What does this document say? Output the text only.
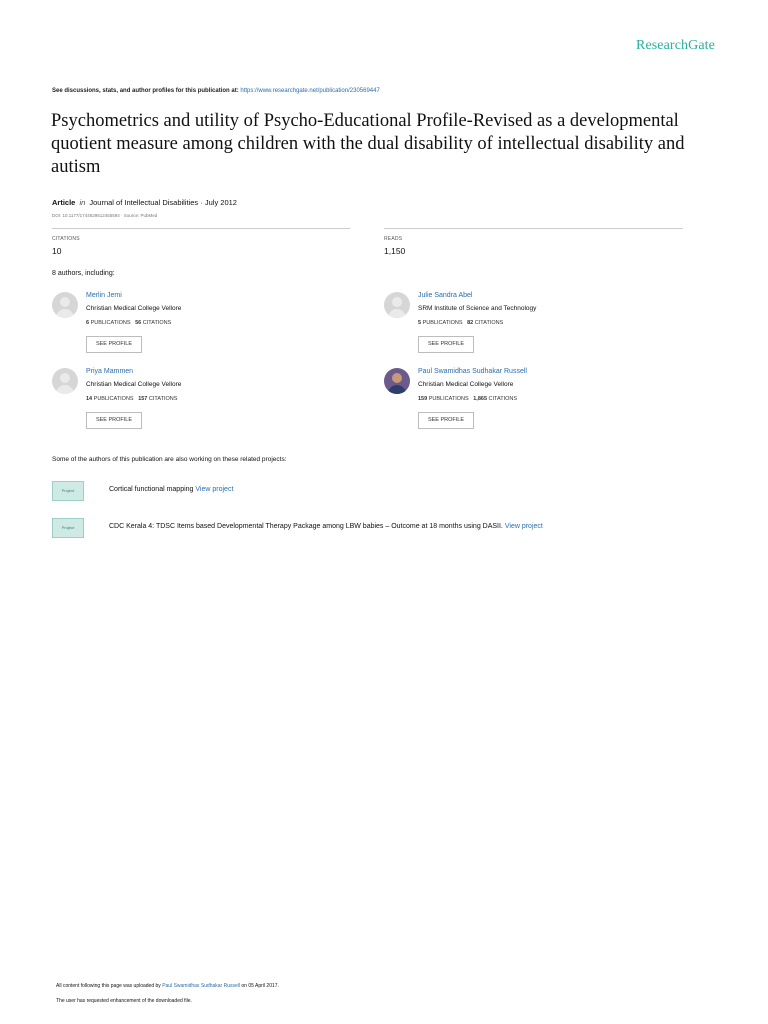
ResearchGate
See discussions, stats, and author profiles for this publication at: https://www.researchgate.net/publication/230569447
Psychometrics and utility of Psycho-Educational Profile-Revised as a developmental quotient measure among children with the dual disability of intellectual disability and autism
Article in Journal of Intellectual Disabilities · July 2012
DOI: 10.1177/1744629512455594 · Source: PubMed
CITATIONS
10
READS
1,150
8 authors, including:
Merlin Jemi
Christian Medical College Vellore
6 PUBLICATIONS 56 CITATIONS
SEE PROFILE
Julie Sandra Abel
SRM Institute of Science and Technology
5 PUBLICATIONS 82 CITATIONS
SEE PROFILE
Priya Mammen
Christian Medical College Vellore
14 PUBLICATIONS 157 CITATIONS
SEE PROFILE
Paul Swamidhas Sudhakar Russell
Christian Medical College Vellore
159 PUBLICATIONS 1,865 CITATIONS
SEE PROFILE
Some of the authors of this publication are also working on these related projects:
Project	Cortical functional mapping View project
Project	CDC Kerala 4: TDSC Items based Developmental Therapy Package among LBW babies – Outcome at 18 months using DASII. View project
All content following this page was uploaded by Paul Swamidhas Sudhakar Russell on 05 April 2017.
The user has requested enhancement of the downloaded file.
